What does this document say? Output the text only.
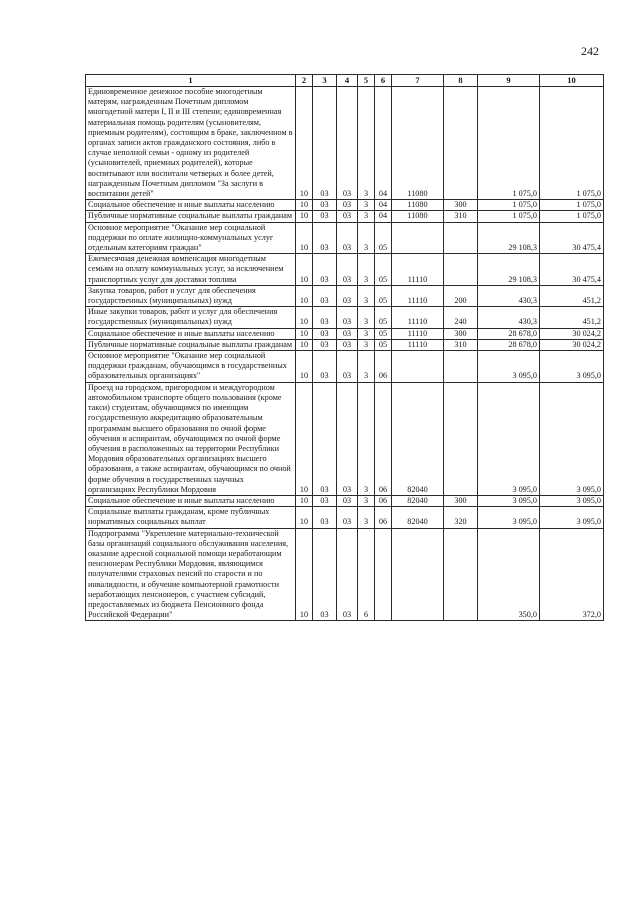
242
1	2	3	4	5	6	7	8	9	10
Единовременное денежное пособие многодетным матерям, награжденным Почетным дипломом многодетной матери I, II и III степени; единовременная материальная помощь родителям (усыновителям, приемным родителям), состоящим в браке, заключенном в органах записи актов гражданского состояния, либо в случае неполной семьи - одному из родителей (усыновителей, приемных родителей), которые воспитывают или воспитали четверых и более детей, награжденным Почетным дипломом "За заслуги в воспитании детей"	10	03	03	3	04	11080		1 075,0	1 075,0
Социальное обеспечение и иные выплаты населению	10	03	03	3	04	11080	300	1 075,0	1 075,0
Публичные нормативные социальные выплаты гражданам	10	03	03	3	04	11080	310	1 075,0	1 075,0
Основное мероприятие "Оказание мер социальной поддержки по оплате жилищно-коммунальных услуг отдельным категориям граждан"	10	03	03	3	05			29 108,3	30 475,4
Ежемесячная денежная компенсация многодетным семьям на оплату коммунальных услуг, за исключением транспортных услуг для доставки топлива	10	03	03	3	05	11110		29 108,3	30 475,4
Закупка товаров, работ и услуг для обеспечения государственных (муниципальных) нужд	10	03	03	3	05	11110	200	430,3	451,2
Иные закупки товаров, работ и услуг для обеспечения государственных (муниципальных) нужд	10	03	03	3	05	11110	240	430,3	451,2
Социальное обеспечение и иные выплаты населению	10	03	03	3	05	11110	300	28 678,0	30 024,2
Публичные нормативные социальные выплаты гражданам	10	03	03	3	05	11110	310	28 678,0	30 024,2
Основное мероприятие "Оказание мер социальной поддержки гражданам, обучающимся в государственных образовательных организациях"	10	03	03	3	06			3 095,0	3 095,0
Проезд на городском, пригородном и междугородном автомобильном транспорте общего пользования (кроме такси) студентам, обучающимся по имеющим государственную аккредитацию образовательным программам высшего образования по очной форме обучения и аспирантам, обучающимся по очной форме обучения в расположенных на территории Республики Мордовия образовательных организациях высшего образования, а также аспирантам, обучающимся по очной форме обучения в государственных научных организациях Республики Мордовия	10	03	03	3	06	82040		3 095,0	3 095,0
Социальное обеспечение и иные выплаты населению	10	03	03	3	06	82040	300	3 095,0	3 095,0
Социальные выплаты гражданам, кроме публичных нормативных социальных выплат	10	03	03	3	06	82040	320	3 095,0	3 095,0
Подпрограмма "Укрепление материально-технической базы организаций социального обслуживания населения, оказание адресной социальной помощи неработающим пенсионерам Республики Мордовия, являющимся получателями страховых пенсий по старости и по инвалидности, и обучение компьютерной грамотности неработающих пенсионеров, с участием субсидий, предоставляемых из бюджета Пенсионного фонда Российской Федерации"	10	03	03	6				350,0	372,0
